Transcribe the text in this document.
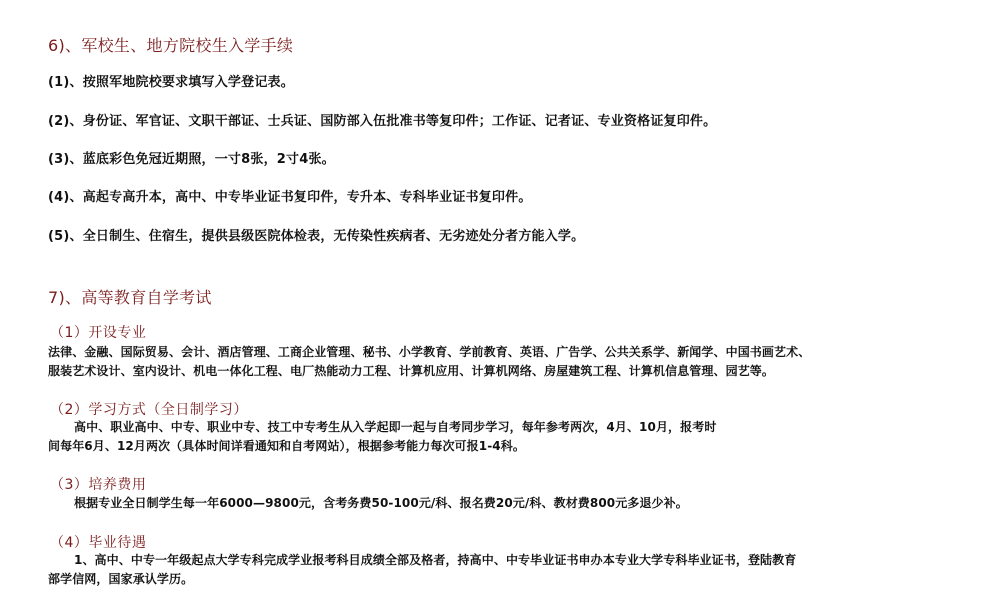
6)、军校生、地方院校生入学手续
(1)、按照军地院校要求填写入学登记表。
(2)、身份证、军官证、文职干部证、士兵证、国防部入伍批准书等复印件；工作证、记者证、专业资格证复印件。
(3)、蓝底彩色免冠近期照，一寸8张，2寸4张。
(4)、高起专高升本，高中、中专毕业证书复印件，专升本、专科毕业证书复印件。
(5)、全日制生、住宿生，提供县级医院体检表，无传染性疾病者、无劣迹处分者方能入学。
7)、高等教育自学考试
（1）开设专业
法律、金融、国际贸易、会计、酒店管理、工商企业管理、秘书、小学教育、学前教育、英语、广告学、公共关系学、新闻学、中国书画艺术、
服装艺术设计、室内设计、机电一体化工程、电厂热能动力工程、计算机应用、计算机网络、房屋建筑工程、计算机信息管理、园艺等。
（2）学习方式（全日制学习）
高中、职业高中、中专、职业中专、技工中专考生从入学起即一起与自考同步学习，每年参考两次，4月、10月，报考时
间每年6月、12月两次（具体时间详看通知和自考网站），根据参考能力每次可报1-4科。
（3）培养费用
根据专业全日制学生每一年6000—9800元，含考务费50-100元/科、报名费20元/科、教材费800元多退少补。
（4）毕业待遇
1、高中、中专一年级起点大学专科完成学业报考科目成绩全部及格者，持高中、中专毕业证书申办本专业大学专科毕业证书，登陆教育
部学信网，国家承认学历。
